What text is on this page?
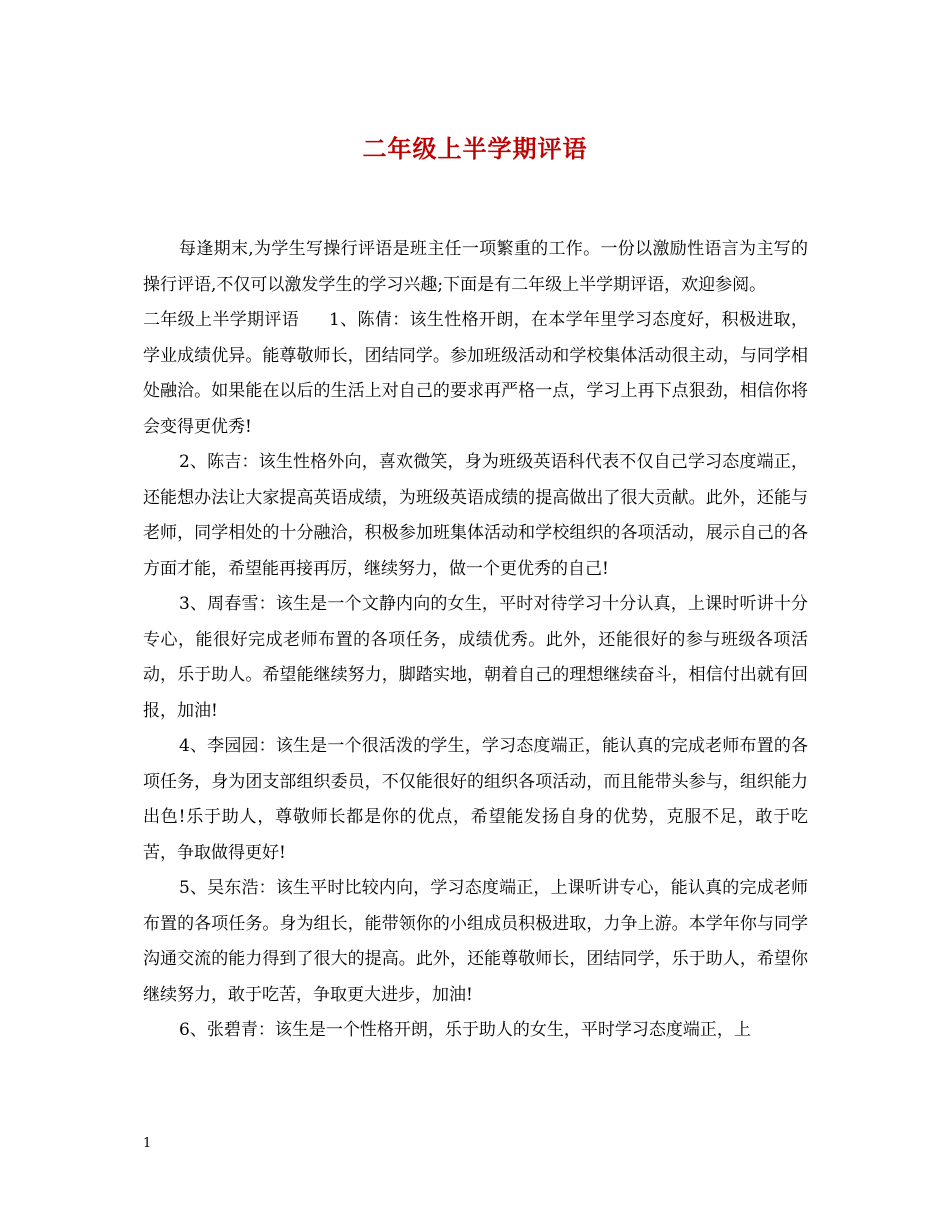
二年级上半学期评语

每逢期末,为学生写操行评语是班主任一项繁重的工作。一份以激励性语言为主写的操行评语,不仅可以激发学生的学习兴趣;下面是有二年级上半学期评语，欢迎参阅。

二年级上半学期评语 1、陈倩：该生性格开朗，在本学年里学习态度好，积极进取，学业成绩优异。能尊敬师长，团结同学。参加班级活动和学校集体活动很主动，与同学相处融洽。如果能在以后的生活上对自己的要求再严格一点，学习上再下点狠劲，相信你将会变得更优秀!

2、陈吉：该生性格外向，喜欢微笑，身为班级英语科代表不仅自己学习态度端正，还能想办法让大家提高英语成绩，为班级英语成绩的提高做出了很大贡献。此外，还能与老师，同学相处的十分融洽，积极参加班集体活动和学校组织的各项活动，展示自己的各方面才能，希望能再接再厉，继续努力，做一个更优秀的自己!

3、周春雪：该生是一个文静内向的女生，平时对待学习十分认真，上课时听讲十分专心，能很好完成老师布置的各项任务，成绩优秀。此外，还能很好的参与班级各项活动，乐于助人。希望能继续努力，脚踏实地，朝着自己的理想继续奋斗，相信付出就有回报，加油!

4、李园园：该生是一个很活泼的学生，学习态度端正，能认真的完成老师布置的各项任务，身为团支部组织委员，不仅能很好的组织各项活动，而且能带头参与，组织能力出色!乐于助人，尊敬师长都是你的优点，希望能发扬自身的优势，克服不足，敢于吃苦，争取做得更好!

5、吴东浩：该生平时比较内向，学习态度端正，上课听讲专心，能认真的完成老师布置的各项任务。身为组长，能带领你的小组成员积极进取，力争上游。本学年你与同学沟通交流的能力得到了很大的提高。此外，还能尊敬师长，团结同学，乐于助人，希望你继续努力，敢于吃苦，争取更大进步，加油!

6、张碧青：该生是一个性格开朗，乐于助人的女生，平时学习态度端正，上

1
